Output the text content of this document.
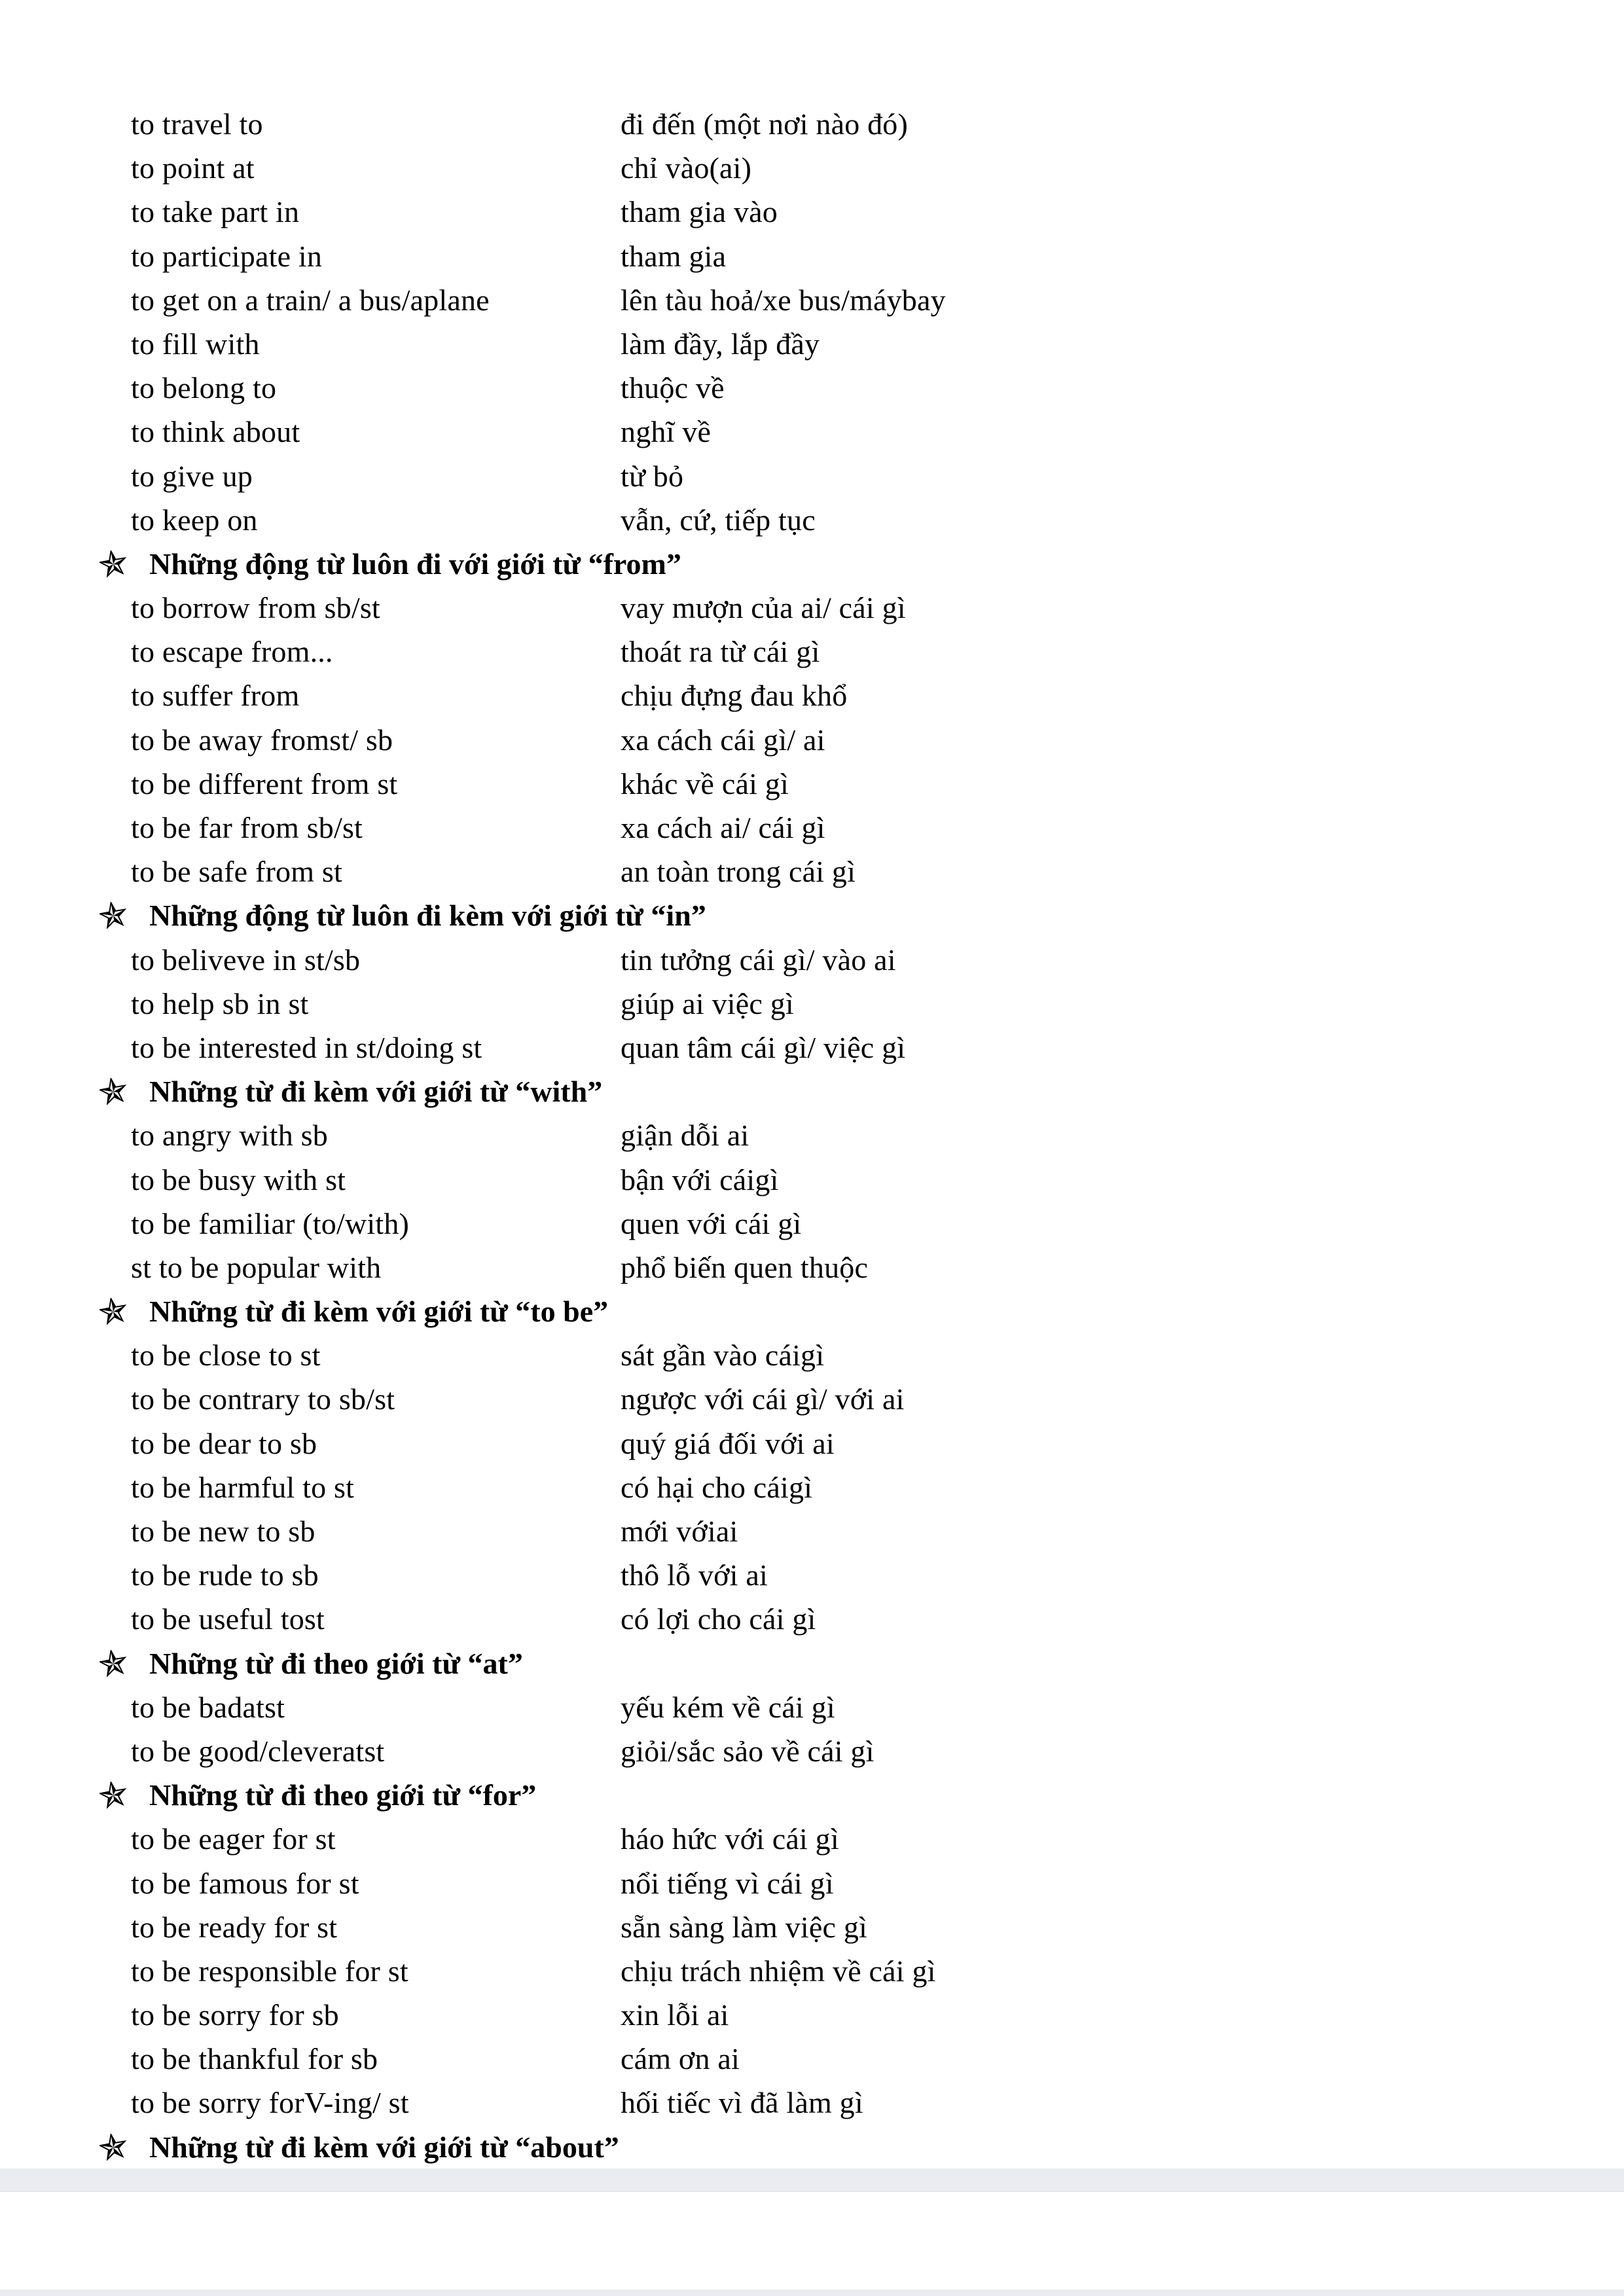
to travel to	đi đến (một nơi nào đó)
to point at	chỉ vào(ai)
to take part in	tham gia vào
to participate in	tham gia
to get on a train/ a bus/aplane	lên tàu hoả/xe bus/máybay
to fill with	làm đầy, lắp đầy
to belong to	thuộc về
to think about	nghĩ về
to give up	từ bỏ
to keep on	vẫn, cứ, tiếp tục
Những động từ luôn đi với giới từ “from”
to borrow from sb/st	vay mượn của ai/ cái gì
to escape from...	thoát ra từ cái gì
to suffer from	chịu đựng đau khổ
to be away fromst/ sb	xa cách cái gì/ ai
to be different from st	khác về cái gì
to be far from sb/st	xa cách ai/ cái gì
to be safe from st	an toàn trong cái gì
Những động từ luôn đi kèm với giới từ “in”
to beliveve in st/sb	tin tưởng cái gì/ vào ai
to help sb in st	giúp ai việc gì
to be interested in st/doing st	quan tâm cái gì/ việc gì
Những từ đi kèm với giới từ “with”
to angry with sb	giận dỗi ai
to be busy with st	bận với cáigì
to be familiar (to/with)	quen với cái gì
st to be popular with	phổ biến quen thuộc
Những từ đi kèm với giới từ “to be”
to be close to st	sát gần vào cáigì
to be contrary to sb/st	ngược với cái gì/ với ai
to be dear to sb	quý giá đối với ai
to be harmful to st	có hại cho cáigì
to be new to sb	mới vớiai
to be rude to sb	thô lỗ với ai
to be useful tost	có lợi cho cái gì
Những từ đi theo giới từ “at”
to be badatst	yếu kém về cái gì
to be good/cleveratst	giỏi/sắc sảo về cái gì
Những từ đi theo giới từ “for”
to be eager for st	háo hức với cái gì
to be famous for st	nổi tiếng vì cái gì
to be ready for st	sẵn sàng làm việc gì
to be responsible for st	chịu trách nhiệm về cái gì
to be sorry for sb	xin lỗi ai
to be thankful for sb	cám ơn ai
to be sorry forV-ing/ st	hối tiếc vì đã làm gì
Những từ đi kèm với giới từ “about”
